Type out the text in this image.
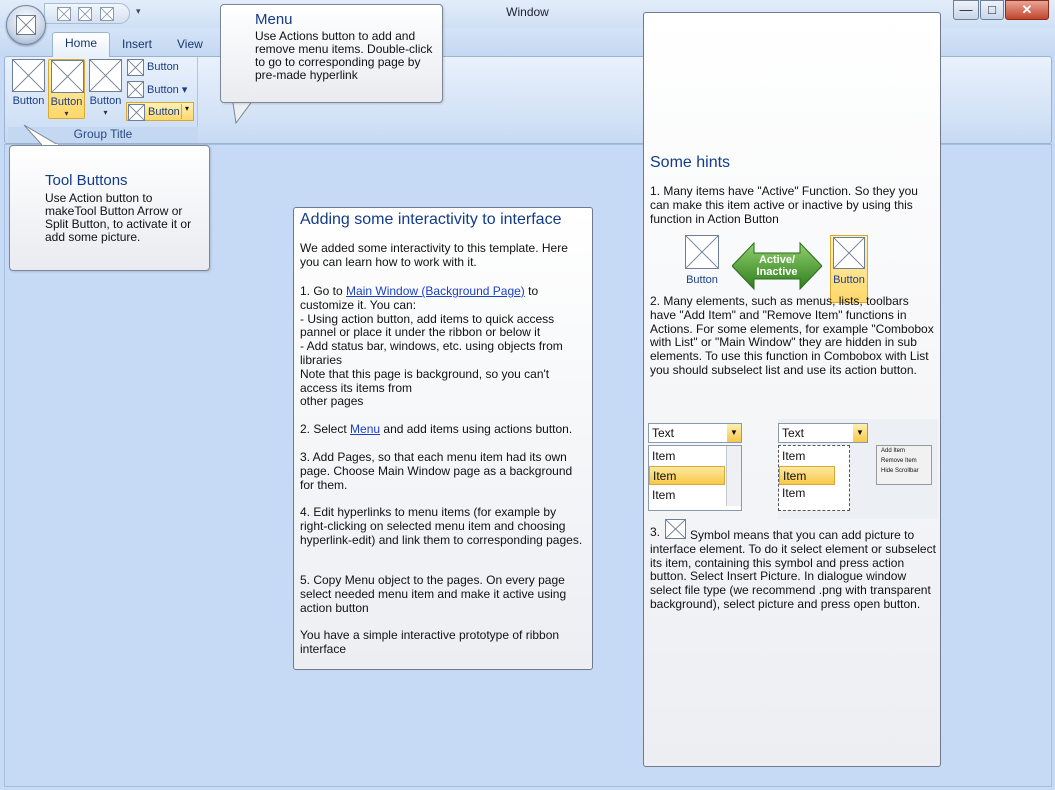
Window
▾	—	□	✕
Home	Insert View
Button Button
▾
Button
▾
Button
Button ▾
Button ▾
Group Title
Menu

Use Actions button to add and remove menu items. Double-click to go to corresponding page by pre-made hyperlink

Tool Buttons

Use Action button to makeTool Button Arrow or Split Button, to activate it or add some picture.

Adding some interactivity to interface

We added some interactivity to this template. Here you can learn how to work with it.

1. Go to Main Window (Background Page) to customize it. You can:
- Using action button, add items to quick access pannel or place it under the ribbon or below it
- Add status bar, windows, etc. using objects from libraries
Note that this page is background, so you can't access its items from
other pages

2. Select Menu and add items using actions button.

3. Add Pages, so that each menu item had its own page. Choose Main Window page as a background for them.

4. Edit hyperlinks to menu items (for example by right-clicking on selected menu item and choosing hyperlink-edit) and link them to corresponding pages.

5. Copy Menu object to the pages. On every page select needed menu item and make it active using action button

You have a simple interactive prototype of ribbon interface

Some hints

1. Many items have "Active" Function. So they you can make this item active or inactive by using this function in Action Button

Button
Active/ Inactive
Button

2. Many elements, such as menus, lists, toolbars have "Add Item" and "Remove Item" functions in Actions. For some elements, for example "Combobox with List" or "Main Window" they are hidden in sub elements. To use this function in Combobox with List you should subselect list and use its action button.

Text	▼
Item
Item
Item
Text	▼
Item
Item
Item
Add Item
Remove Item
Hide Scrollbar
3.	Symbol means that you can add picture to interface element. To do it select element or subselect its item, containing this symbol and press action button. Select Insert Picture. In dialogue window select file type (we recommend .png with transparent background), select picture and press open button.
